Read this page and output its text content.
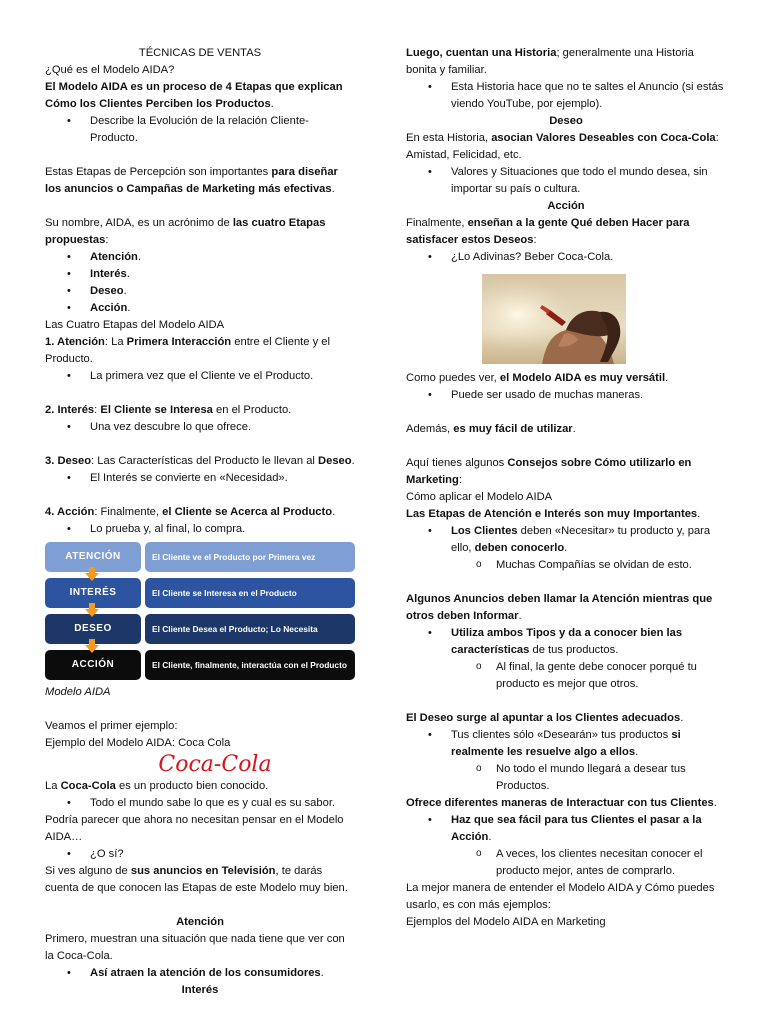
TÉCNICAS DE VENTAS

¿Qué es el Modelo AIDA?

El Modelo AIDA es un proceso de 4 Etapas que explican Cómo los Clientes Perciben los Productos.

• Describe la Evolución de la relación Cliente-Producto.

Estas Etapas de Percepción son importantes para diseñar los anuncios o Campañas de Marketing más efectivas.

Su nombre, AIDA, es un acrónimo de las cuatro Etapas propuestas:

• Atención.
• Interés.
• Deseo.
• Acción.

Las Cuatro Etapas del Modelo AIDA

1. Atención: La Primera Interacción entre el Cliente y el Producto.

• La primera vez que el Cliente ve el Producto.

2. Interés: El Cliente se Interesa en el Producto.

• Una vez descubre lo que ofrece.

3. Deseo: Las Características del Producto le llevan al Deseo.

• El Interés se convierte en «Necesidad».

4. Acción: Finalmente, el Cliente se Acerca al Producto.

• Lo prueba y, al final, lo compra.
ATENCIÓN	El Cliente ve el Producto por Primera vez
INTERÉS	El Cliente se Interesa en el Producto
DESEO	El Cliente Desea el Producto; Lo Necesita
ACCIÓN	El Cliente, finalmente, interactúa con el Producto

Modelo AIDA

Veamos el primer ejemplo:

Ejemplo del Modelo AIDA: Coca Cola

Coca-Cola

La Coca-Cola es un producto bien conocido.

• Todo el mundo sabe lo que es y cual es su sabor.

Podría parecer que ahora no necesitan pensar en el Modelo AIDA…

• ¿O sí?

Si ves alguno de sus anuncios en Televisión, te darás cuenta de que conocen las Etapas de este Modelo muy bien.

Atención

Primero, muestran una situación que nada tiene que ver con la Coca-Cola.

• Así atraen la atención de los consumidores.

Interés

Luego, cuentan una Historia; generalmente una Historia bonita y familiar.

• Esta Historia hace que no te saltes el Anuncio (si estás viendo YouTube, por ejemplo).

Deseo

En esta Historia, asocian Valores Deseables con Coca-Cola: Amistad, Felicidad, etc.

• Valores y Situaciones que todo el mundo desea, sin importar su país o cultura.

Acción

Finalmente, enseñan a la gente Qué deben Hacer para satisfacer estos Deseos:

• ¿Lo Adivinas? Beber Coca-Cola.

Como puedes ver, el Modelo AIDA es muy versátil.

• Puede ser usado de muchas maneras.

Además, es muy fácil de utilizar.

Aquí tienes algunos Consejos sobre Cómo utilizarlo en Marketing:

Cómo aplicar el Modelo AIDA

Las Etapas de Atención e Interés son muy Importantes.

• Los Clientes deben «Necesitar» tu producto y, para ello, deben conocerlo.
o Muchas Compañías se olvidan de esto.

Algunos Anuncios deben llamar la Atención mientras que otros deben Informar.

• Utiliza ambos Tipos y da a conocer bien las características de tus productos.
o Al final, la gente debe conocer porqué tu producto es mejor que otros.

El Deseo surge al apuntar a los Clientes adecuados.

• Tus clientes sólo «Desearán» tus productos si realmente les resuelve algo a ellos.
o No todo el mundo llegará a desear tus Productos.

Ofrece diferentes maneras de Interactuar con tus Clientes.

• Haz que sea fácil para tus Clientes el pasar a la Acción.
o A veces, los clientes necesitan conocer el producto mejor, antes de comprarlo.

La mejor manera de entender el Modelo AIDA y Cómo puedes usarlo, es con más ejemplos:

Ejemplos del Modelo AIDA en Marketing
